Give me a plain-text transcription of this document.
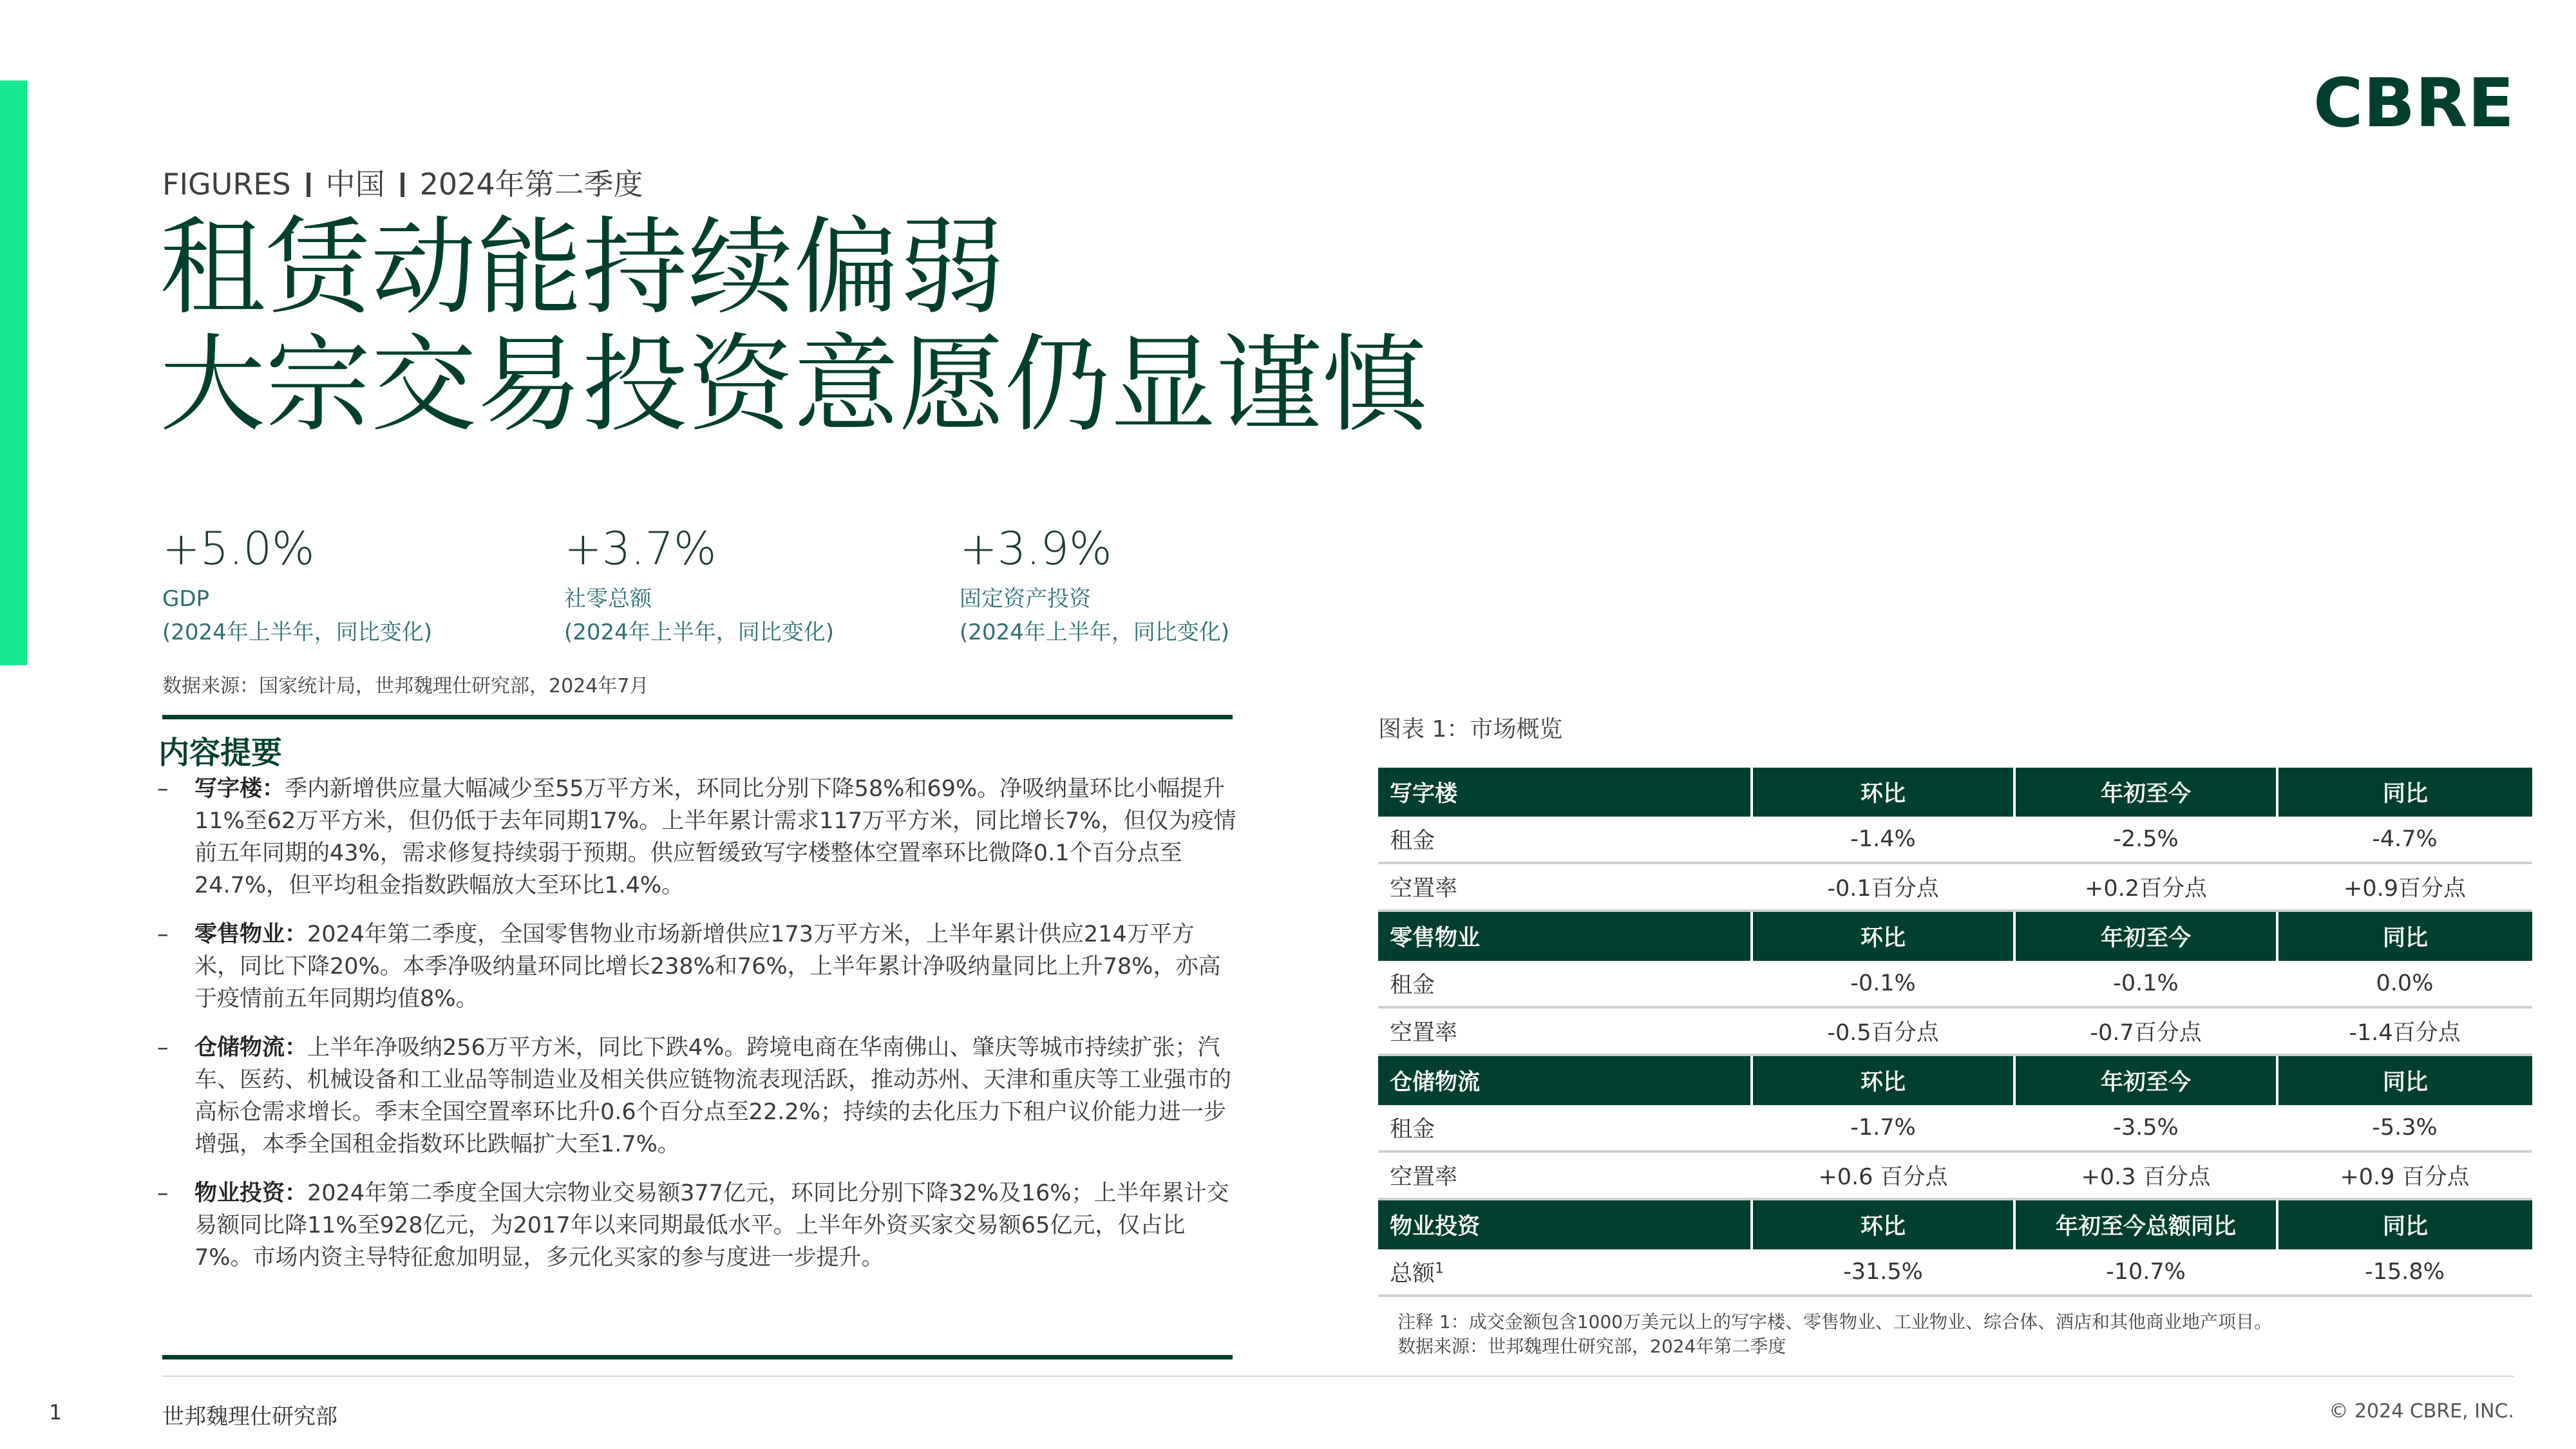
CBRE
FIGURES 中国 2024年第二季度
租赁动能持续偏弱
大宗交易投资意愿仍显谨慎
+5.0%
GDP
(2024年上半年，同比变化)
+3.7%
社零总额
(2024年上半年，同比变化)
+3.9%
固定资产投资
(2024年上半年，同比变化)
数据来源：国家统计局，世邦魏理仕研究部，2024年7月
内容提要
– 写字楼：季内新增供应量大幅减少至55万平方米，环同比分别下降58%和69%。净吸纳量环比小幅提升11%至62万平方米，但仍低于去年同期17%。上半年累计需求117万平方米，同比增长7%，但仅为疫情前五年同期的43%，需求修复持续弱于预期。供应暂缓致写字楼整体空置率环比微降0.1个百分点至24.7%，但平均租金指数跌幅放大至环比1.4%。
– 零售物业：2024年第二季度，全国零售物业市场新增供应173万平方米，上半年累计供应214万平方米，同比下降20%。本季净吸纳量环同比增长238%和76%，上半年累计净吸纳量同比上升78%，亦高于疫情前五年同期均值8%。
– 仓储物流：上半年净吸纳256万平方米，同比下跌4%。跨境电商在华南佛山、肇庆等城市持续扩张；汽车、医药、机械设备和工业品等制造业及相关供应链物流表现活跃，推动苏州、天津和重庆等工业强市的高标仓需求增长。季末全国空置率环比升0.6个百分点至22.2%；持续的去化压力下租户议价能力进一步增强，本季全国租金指数环比跌幅扩大至1.7%。
– 物业投资：2024年第二季度全国大宗物业交易额377亿元，环同比分别下降32%及16%；上半年累计交易额同比降11%至928亿元，为2017年以来同期最低水平。上半年外资买家交易额65亿元，仅占比7%。市场内资主导特征愈加明显，多元化买家的参与度进一步提升。
图表 1：市场概览
写字楼	环比	年初至今	同比
租金	-1.4%	-2.5%	-4.7%
空置率	-0.1百分点	+0.2百分点	+0.9百分点
零售物业	环比	年初至今	同比
租金	-0.1%	-0.1%	0.0%
空置率	-0.5百分点	-0.7百分点	-1.4百分点
仓储物流	环比	年初至今	同比
租金	-1.7%	-3.5%	-5.3%
空置率	+0.6 百分点	+0.3 百分点	+0.9 百分点
物业投资	环比	年初至今总额同比	同比
总额$^1$	-31.5%	-10.7%	-15.8%
注释 1：成交金额包含1000万美元以上的写字楼、零售物业、工业物业、综合体、酒店和其他商业地产项目。
数据来源：世邦魏理仕研究部，2024年第二季度
1	世邦魏理仕研究部	© 2024 CBRE, INC.
